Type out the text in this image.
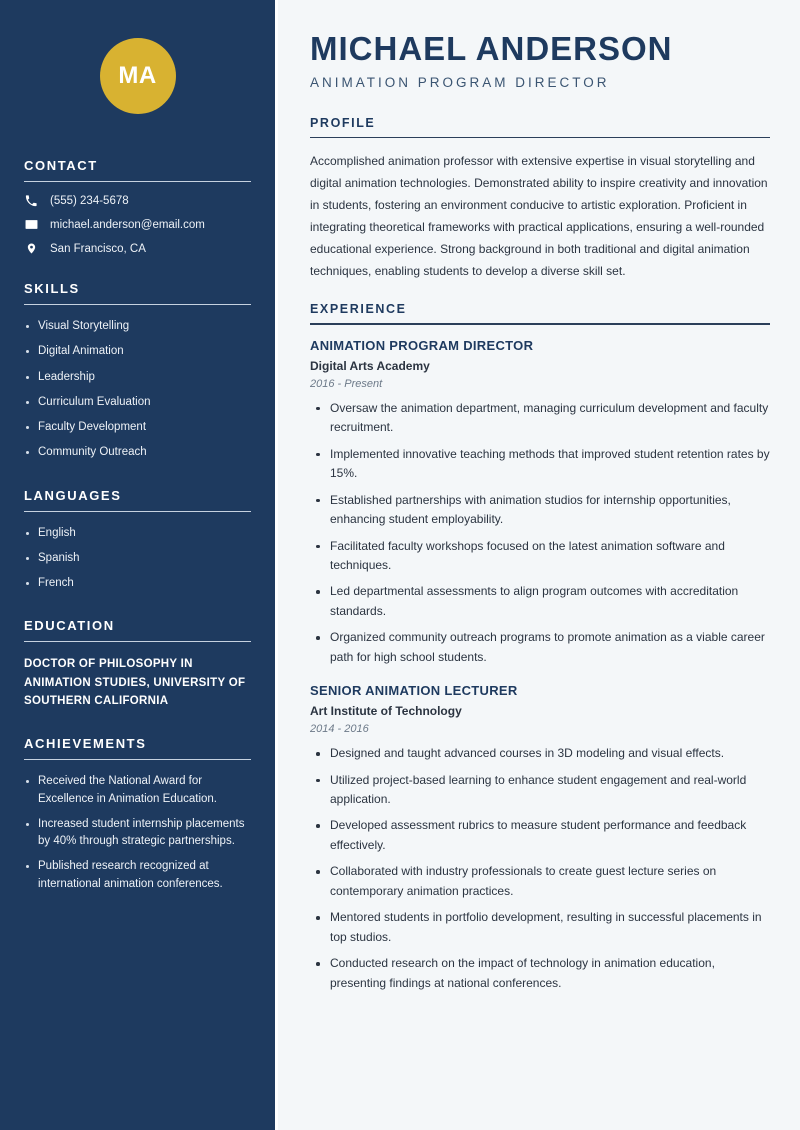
MA
CONTACT
(555) 234-5678
michael.anderson@email.com
San Francisco, CA
SKILLS
Visual Storytelling
Digital Animation
Leadership
Curriculum Evaluation
Faculty Development
Community Outreach
LANGUAGES
English
Spanish
French
EDUCATION
DOCTOR OF PHILOSOPHY IN ANIMATION STUDIES, UNIVERSITY OF SOUTHERN CALIFORNIA
ACHIEVEMENTS
Received the National Award for Excellence in Animation Education.
Increased student internship placements by 40% through strategic partnerships.
Published research recognized at international animation conferences.
MICHAEL ANDERSON
ANIMATION PROGRAM DIRECTOR
PROFILE

Accomplished animation professor with extensive expertise in visual storytelling and digital animation technologies. Demonstrated ability to inspire creativity and innovation in students, fostering an environment conducive to artistic exploration. Proficient in integrating theoretical frameworks with practical applications, ensuring a well-rounded educational experience. Strong background in both traditional and digital animation techniques, enabling students to develop a diverse skill set.

EXPERIENCE
ANIMATION PROGRAM DIRECTOR
Digital Arts Academy
2016 - Present
Oversaw the animation department, managing curriculum development and faculty recruitment.
Implemented innovative teaching methods that improved student retention rates by 15%.
Established partnerships with animation studios for internship opportunities, enhancing student employability.
Facilitated faculty workshops focused on the latest animation software and techniques.
Led departmental assessments to align program outcomes with accreditation standards.
Organized community outreach programs to promote animation as a viable career path for high school students.
SENIOR ANIMATION LECTURER
Art Institute of Technology
2014 - 2016
Designed and taught advanced courses in 3D modeling and visual effects.
Utilized project-based learning to enhance student engagement and real-world application.
Developed assessment rubrics to measure student performance and feedback effectively.
Collaborated with industry professionals to create guest lecture series on contemporary animation practices.
Mentored students in portfolio development, resulting in successful placements in top studios.
Conducted research on the impact of technology in animation education, presenting findings at national conferences.
